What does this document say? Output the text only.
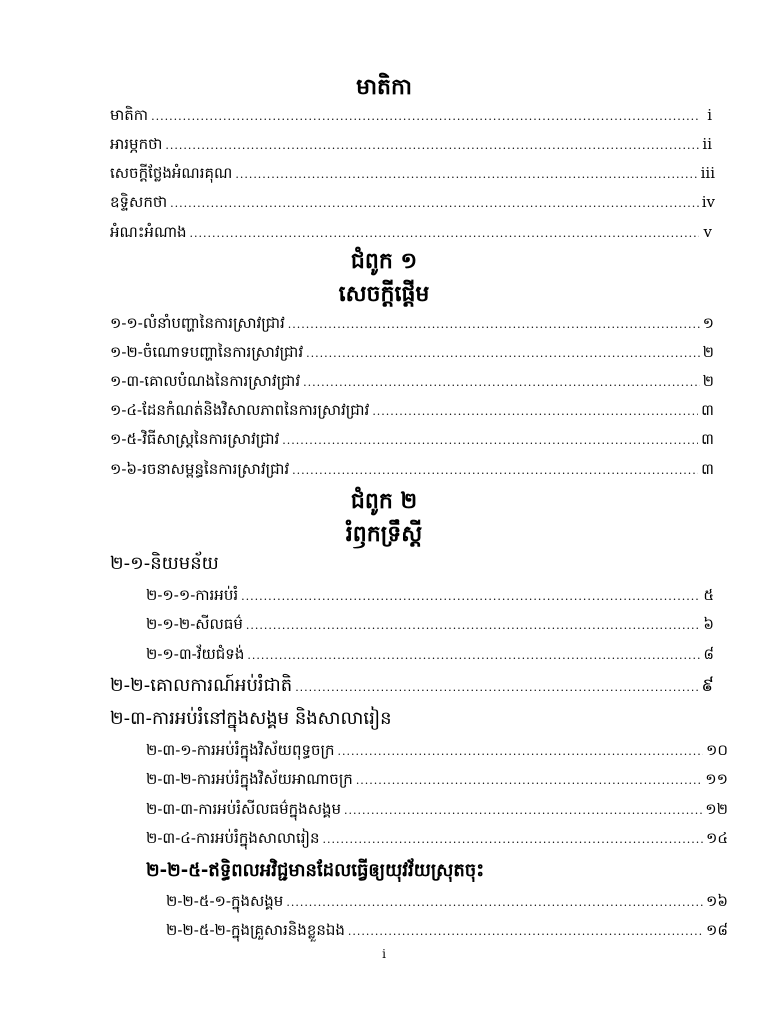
មាតិកា
មាតិកា .....	i
អារម្ភកថា .....	ii
សេចក្តីថ្លែងអំណរគុណ .....	iii
ឧទ្ទិសកថា .....	iv
អំណះអំណាង .....	v
ជំពូក ១
សេចក្តីផ្តើម
១-១-លំនាំបញ្ហានៃការស្រាវជ្រាវ .....	១
១-២-ចំណោទបញ្ហានៃការស្រាវជ្រាវ .....	២
១-៣-គោលបំណងនៃការស្រាវជ្រាវ .....	២
១-៤-ដែនកំណត់និងវិសាលភាពនៃការស្រាវជ្រាវ .....	៣
១-៥-វិធីសាស្ត្រនៃការស្រាវជ្រាវ .....	៣
១-៦-រចនាសម្ពន្ធនៃការស្រាវជ្រាវ .....	៣
ជំពូក ២
រំឭកទ្រឹស្តី
២-១-និយមន័យ
២-១-១-ការអប់រំ .....	៥
២-១-២-សីលធម៌ .....	៦
២-១-៣-វ័យជំទង់ .....	៨
២-២-គោលការណ៍អប់រំជាតិ .....	៩
២-៣-ការអប់រំនៅក្នុងសង្គម និងសាលារៀន
២-៣-១-ការអប់រំក្នុងវិស័យពុទ្ធចក្រ .....	១០
២-៣-២-ការអប់រំក្នុងវិស័យអាណាចក្រ .....	១១
២-៣-៣-ការអប់រំសីលធម៌ក្នុងសង្គម .....	១២
២-៣-៤-ការអប់រំក្នុងសាលារៀន .....	១៤
២-២-៥-ឥទ្ធិពលអវិជ្ជមានដែលធ្វើឲ្យយុវវ័យស្រុតចុះ
២-២-៥-១-ក្នុងសង្គម .....	១៦
២-២-៥-២-ក្នុងគ្រួសារនិងខ្លួនឯង .....	១៨
i
